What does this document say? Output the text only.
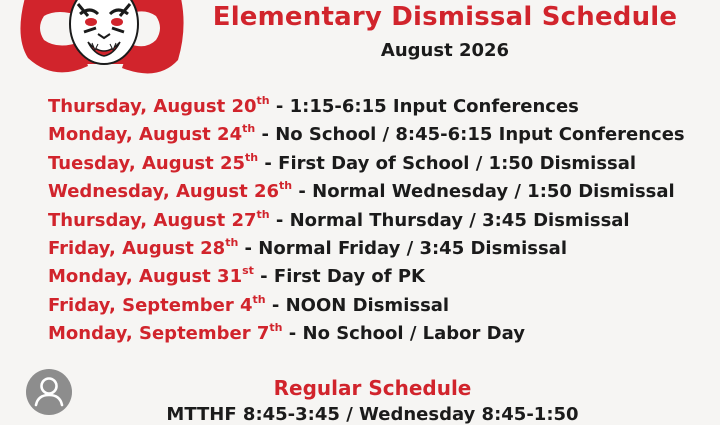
Elementary Dismissal Schedule
August 2026
Thursday, August 20th - 1:15-6:15 Input Conferences
Monday, August 24th - No School / 8:45-6:15 Input Conferences
Tuesday, August 25th - First Day of School / 1:50 Dismissal
Wednesday, August 26th - Normal Wednesday / 1:50 Dismissal
Thursday, August 27th - Normal Thursday / 3:45 Dismissal
Friday, August 28th - Normal Friday / 3:45 Dismissal
Monday, August 31st - First Day of PK
Friday, September 4th - NOON Dismissal
Monday, September 7th - No School / Labor Day
Regular Schedule
MTTHF 8:45-3:45 / Wednesday 8:45-1:50
